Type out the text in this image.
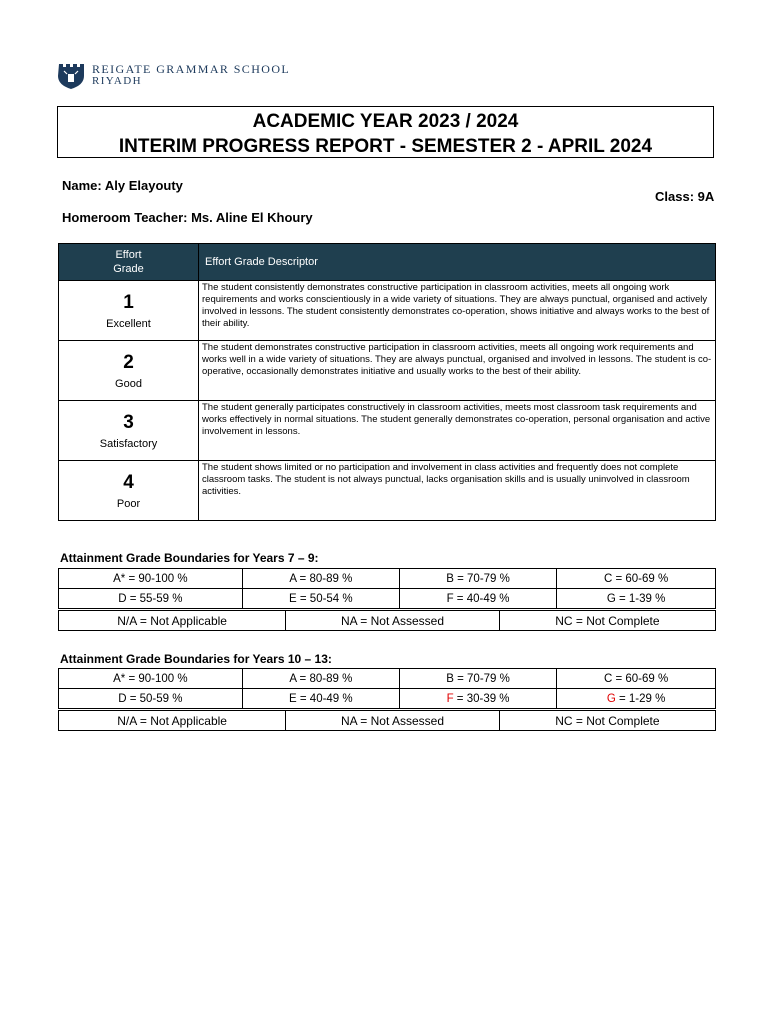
REIGATE GRAMMAR SCHOOL
RIYADH
ACADEMIC YEAR 2023 / 2024
INTERIM PROGRESS REPORT - SEMESTER 2 - APRIL 2024
Name: Aly Elayouty
Class: 9A
Homeroom Teacher: Ms. Aline El Khoury
Effort
Grade	Effort Grade Descriptor

1
Excellent	The student consistently demonstrates constructive participation in classroom activities, meets all ongoing work requirements and works conscientiously in a wide variety of situations. They are always punctual, organised and actively involved in lessons. The student consistently demonstrates co-operation, shows initiative and always works to the best of their ability.

2
Good	The student demonstrates constructive participation in classroom activities, meets all ongoing work requirements and works well in a wide variety of situations. They are always punctual, organised and involved in lessons. The student is co-operative, occasionally demonstrates initiative and usually works to the best of their ability.

3
Satisfactory	The student generally participates constructively in classroom activities, meets most classroom task requirements and works effectively in normal situations. The student generally demonstrates co-operation, personal organisation and active involvement in lessons.

4
Poor	The student shows limited or no participation and involvement in class activities and frequently does not complete classroom tasks. The student is not always punctual, lacks organisation skills and is usually uninvolved in classroom activities.
Attainment Grade Boundaries for Years 7 – 9:
A* = 90-100 %	A = 80-89 %	B = 70-79 %	C = 60-69 %
D = 55-59 %	E = 50-54 %	F = 40-49 %	G = 1-39 %
N/A = Not Applicable	NA = Not Assessed	NC = Not Complete
Attainment Grade Boundaries for Years 10 – 13:
A* = 90-100 %	A = 80-89 %	B = 70-79 %	C = 60-69 %
D = 50-59 %	E = 40-49 %	F = 30-39 %	G = 1-29 %
N/A = Not Applicable	NA = Not Assessed	NC = Not Complete
